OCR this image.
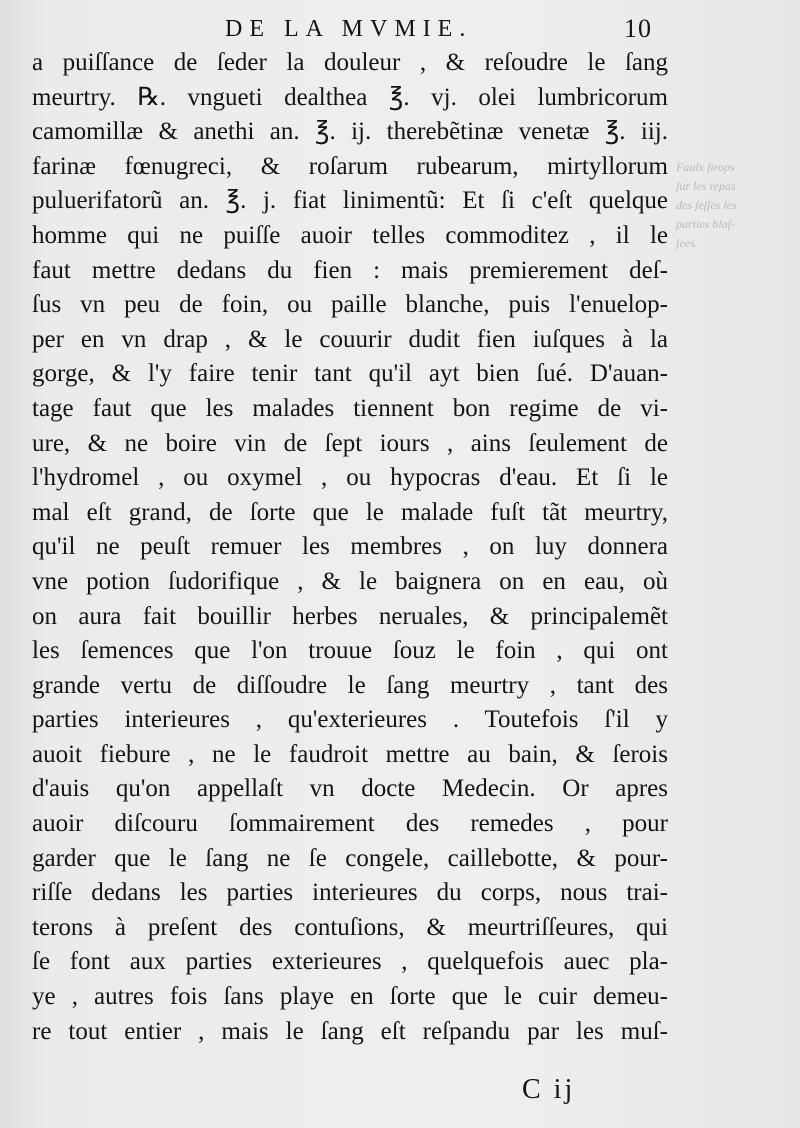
DE LA MVMIE.	10
a puiſſance de ſeder la douleur , & reſoudre le ſang
meurtry. ℞. vngueti dealthea ℥. vj. olei lumbricorum
camomillæ & anethi an. ℥. ij. therebẽtinæ venetæ ℥. iij.
farinæ fœnugreci, & roſarum rubearum, mirtyllorum
puluerifatorũ an. ℥. j. fiat linimentũ: Et ſi c'eſt quelque
homme qui ne puiſſe auoir telles commoditez , il le
faut mettre dedans du fien : mais premierement deſ-
ſus vn peu de foin, ou paille blanche, puis l'enuelop-
per en vn drap , & le couurir dudit fien iuſques à la
gorge, & l'y faire tenir tant qu'il ayt bien ſué. D'auan-
tage faut que les malades tiennent bon regime de vi-
ure, & ne boire vin de ſept iours , ains ſeulement de
l'hydromel , ou oxymel , ou hypocras d'eau. Et ſi le
mal eſt grand, de ſorte que le malade fuſt tãt meurtry,
qu'il ne peuſt remuer les membres , on luy donnera
vne potion ſudorifique , & le baignera on en eau, où
on aura fait bouillir herbes neruales, & principalemẽt
les ſemences que l'on trouue ſouz le foin , qui ont
grande vertu de diſſoudre le ſang meurtry , tant des
parties interieures , qu'exterieures . Toutefois ſ'il y
auoit fiebure , ne le faudroit mettre au bain, & ſerois
d'auis qu'on appellaſt vn docte Medecin. Or apres
auoir diſcouru ſommairement des remedes , pour
garder que le ſang ne ſe congele, caillebotte, & pour-
riſſe dedans les parties interieures du corps, nous trai-
terons à preſent des contuſions, & meurtriſſeures, qui
ſe font aux parties exterieures , quelquefois auec pla-
ye , autres fois ſans playe en ſorte que le cuir demeu-
re tout entier , mais le ſang eſt reſpandu par les muſ-
Faulx ſirops
ſur les repas
des ſeſſes les
parties blaſ-
ſees.
C ij
